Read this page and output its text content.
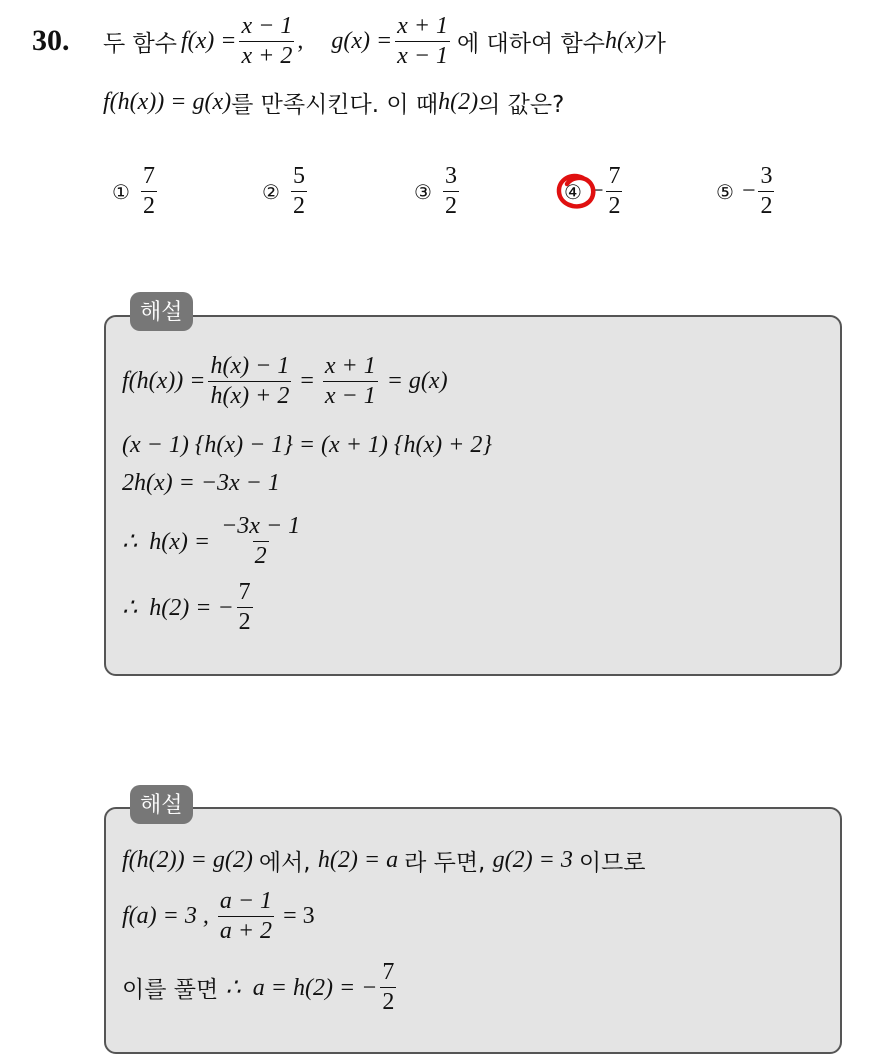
30. 두 함수 $f(x) = \frac{x - 1}{x + 2}$ , $g(x) = \frac{x + 1}{x - 1}$ 에 대하여 함수 h(x) 가
f(h(x)) = g(x) 를 만족시킨다. 이 때 h(2) 의 값은?
① $\frac{7}{2}$	② $\frac{5}{2}$	③ $\frac{3}{2}$	④ − $\frac{7}{2}$	⑤ − $\frac{3}{2}$
해설
$f(h(x)) = \frac{h(x) - 1}{h(x) + 2} = \frac{x + 1}{x - 1} = g(x)$
(x − 1) {h(x) − 1} = (x + 1) {h(x) + 2}
2h(x) = −3x − 1
∴  $h(x) = \frac{-3x - 1}{2}$
∴  h(2) = − $\frac{7}{2}$
해설
f(h(2)) = g(2) 에서, h(2) = a 라 두면, g(2) = 3 이므로
f(a) = 3 , $\frac{a - 1}{a + 2} = 3$
이를 풀면 ∴  a = h(2) = − $\frac{7}{2}$
